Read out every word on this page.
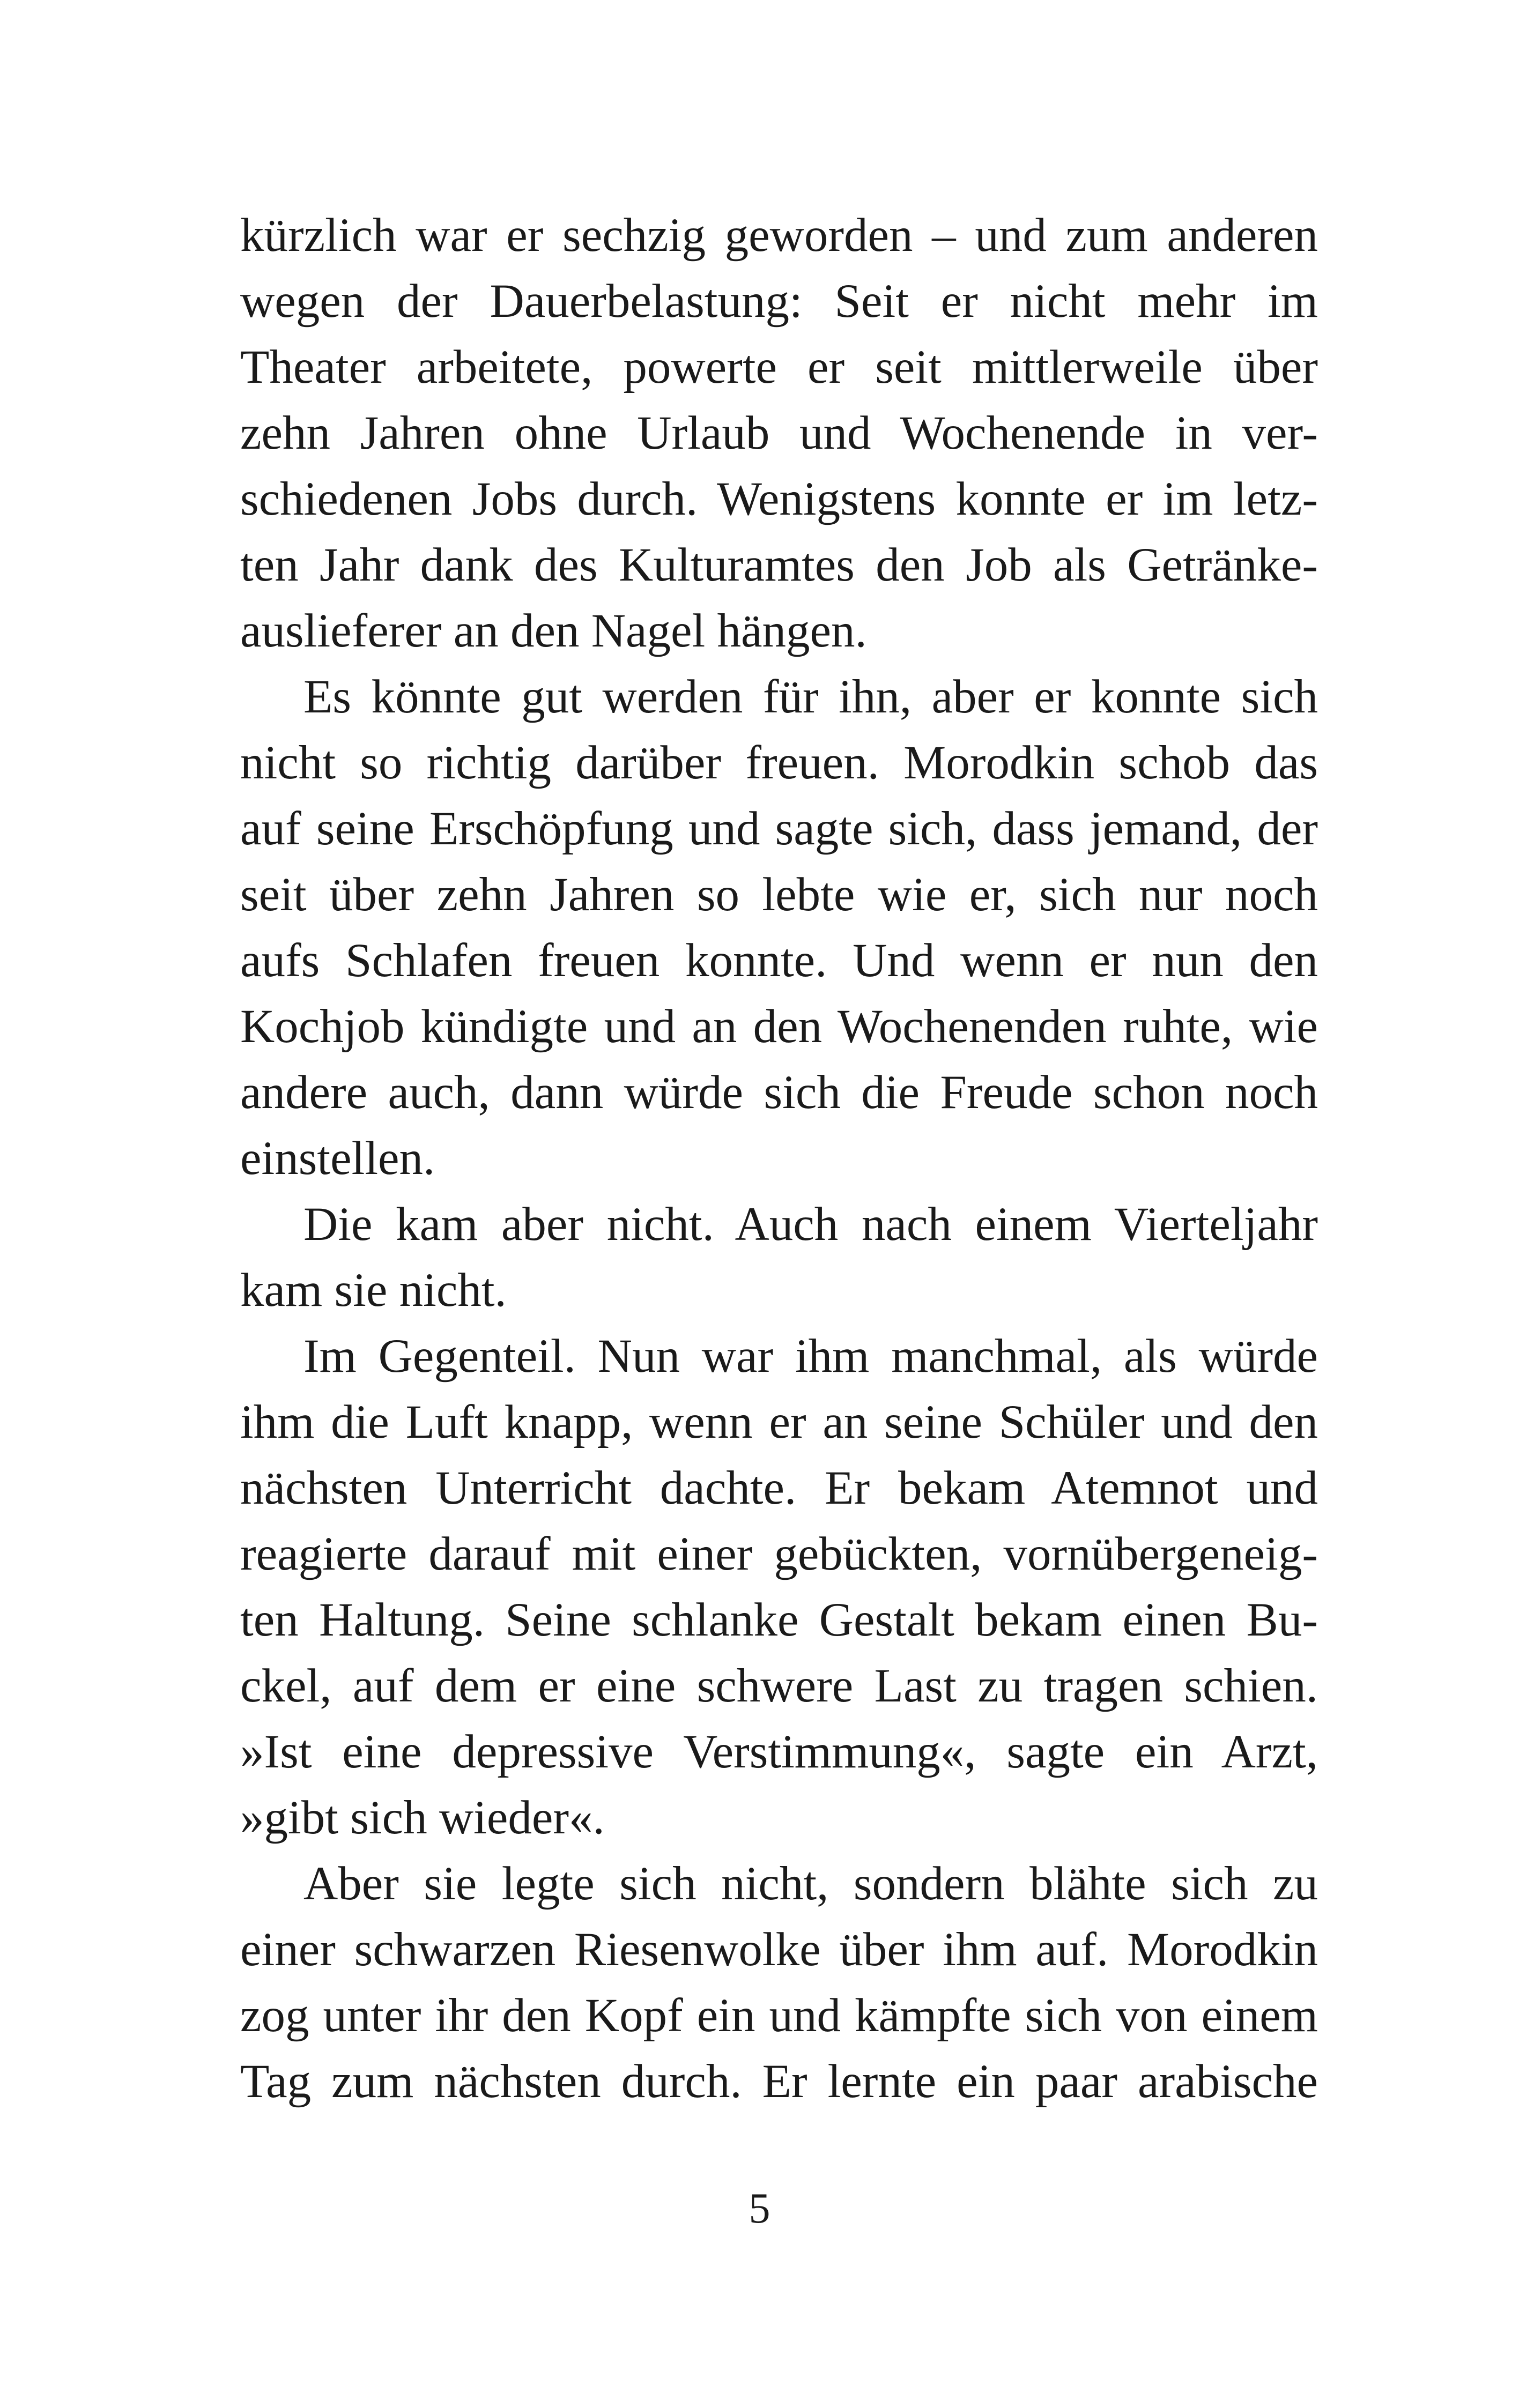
kürzlich war er sechzig geworden – und zum anderen
wegen der Dauerbelastung: Seit er nicht mehr im
Theater arbeitete, powerte er seit mittlerweile über
zehn Jahren ohne Urlaub und Wochenende in ver-
schiedenen Jobs durch. Wenigstens konnte er im letz-
ten Jahr dank des Kulturamtes den Job als Getränke-
auslieferer an den Nagel hängen.
Es könnte gut werden für ihn, aber er konnte sich
nicht so richtig darüber freuen. Morodkin schob das
auf seine Erschöpfung und sagte sich, dass jemand, der
seit über zehn Jahren so lebte wie er, sich nur noch
aufs Schlafen freuen konnte. Und wenn er nun den
Kochjob kündigte und an den Wochenenden ruhte, wie
andere auch, dann würde sich die Freude schon noch
einstellen.
Die kam aber nicht. Auch nach einem Vierteljahr
kam sie nicht.
Im Gegenteil. Nun war ihm manchmal, als würde
ihm die Luft knapp, wenn er an seine Schüler und den
nächsten Unterricht dachte. Er bekam Atemnot und
reagierte darauf mit einer gebückten, vornübergeneig-
ten Haltung. Seine schlanke Gestalt bekam einen Bu-
ckel, auf dem er eine schwere Last zu tragen schien.
»Ist eine depressive Verstimmung«, sagte ein Arzt,
»gibt sich wieder«.
Aber sie legte sich nicht, sondern blähte sich zu
einer schwarzen Riesenwolke über ihm auf. Morodkin
zog unter ihr den Kopf ein und kämpfte sich von einem
Tag zum nächsten durch. Er lernte ein paar arabische
5
